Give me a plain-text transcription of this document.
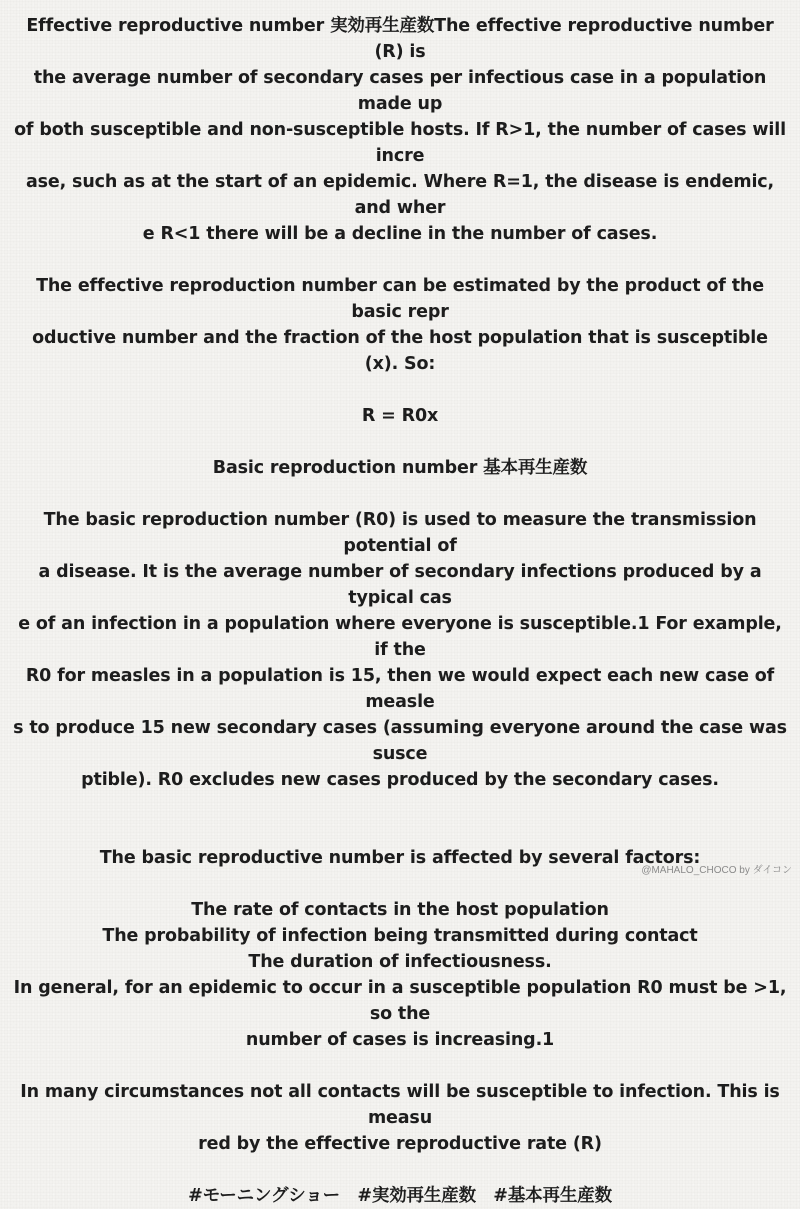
Effective reproductive number 実効再生産数The effective reproductive number (R) is

the average number of secondary cases per infectious case in a population made up

of both susceptible and non-susceptible hosts. If R>1, the number of cases will incre

ase, such as at the start of an epidemic. Where R=1, the disease is endemic, and wher

e R<1 there will be a decline in the number of cases.

The effective reproduction number can be estimated by the product of the basic repr

oductive number and the fraction of the host population that is susceptible  (x). So:

R = R0x

Basic reproduction number 基本再生産数

The basic reproduction number (R0) is used to measure the transmission potential of

a disease. It is the average number of secondary infections produced by a typical cas

e of an infection in a population where everyone is susceptible.1 For example, if the

R0 for measles in a population is 15, then we would expect each new case of measle

s to produce 15 new secondary cases (assuming everyone around the case was susce

ptible). R0 excludes new cases produced by the secondary cases.

The basic reproductive number is affected by several factors:

The rate of contacts in the host population

The probability of infection being transmitted during contact

The duration of infectiousness.

In general, for an epidemic to occur in a susceptible population R0 must be >1, so the

number of cases is increasing.1

In many circumstances not all contacts will be susceptible to infection. This is measu

red by the effective reproductive rate (R)

#モーニングショー　#実効再生産数　#基本再生産数

@MAHALO_CHOCO by ダイコン
